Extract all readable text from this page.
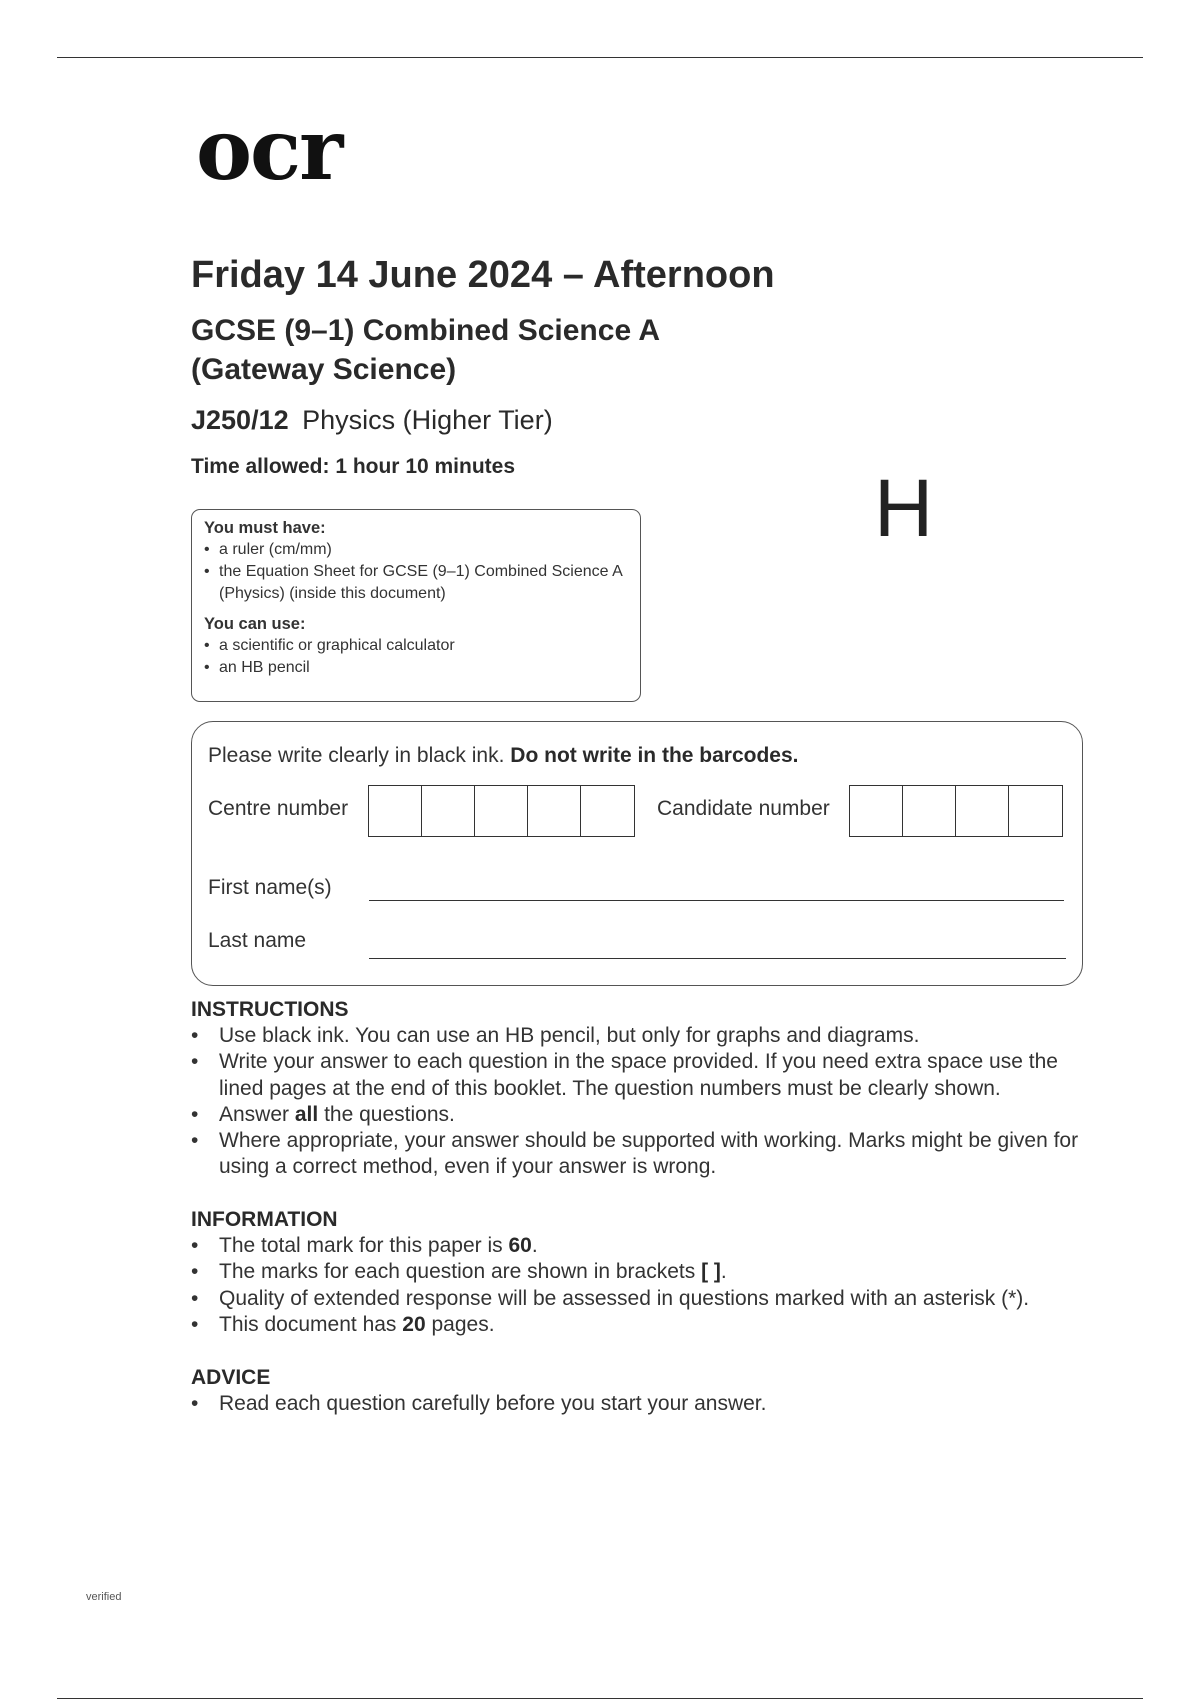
ocr
Friday 14 June 2024 – Afternoon
GCSE (9–1) Combined Science A
(Gateway Science)
J250/12 Physics (Higher Tier)
Time allowed: 1 hour 10 minutes	H
You must have:
• a ruler (cm/mm)
• the Equation Sheet for GCSE (9–1) Combined Science A (Physics) (inside this document)
You can use:
• a scientific or graphical calculator
• an HB pencil
Please write clearly in black ink. Do not write in the barcodes.
Centre number	Candidate number
First name(s)
Last name
INSTRUCTIONS
• Use black ink. You can use an HB pencil, but only for graphs and diagrams.
• Write your answer to each question in the space provided. If you need extra space use the lined pages at the end of this booklet. The question numbers must be clearly shown.
• Answer all the questions.
• Where appropriate, your answer should be supported with working. Marks might be given for using a correct method, even if your answer is wrong.
INFORMATION
• The total mark for this paper is 60.
• The marks for each question are shown in brackets [ ].
• Quality of extended response will be assessed in questions marked with an asterisk (*).
• This document has 20 pages.
ADVICE
• Read each question carefully before you start your answer.
verified
